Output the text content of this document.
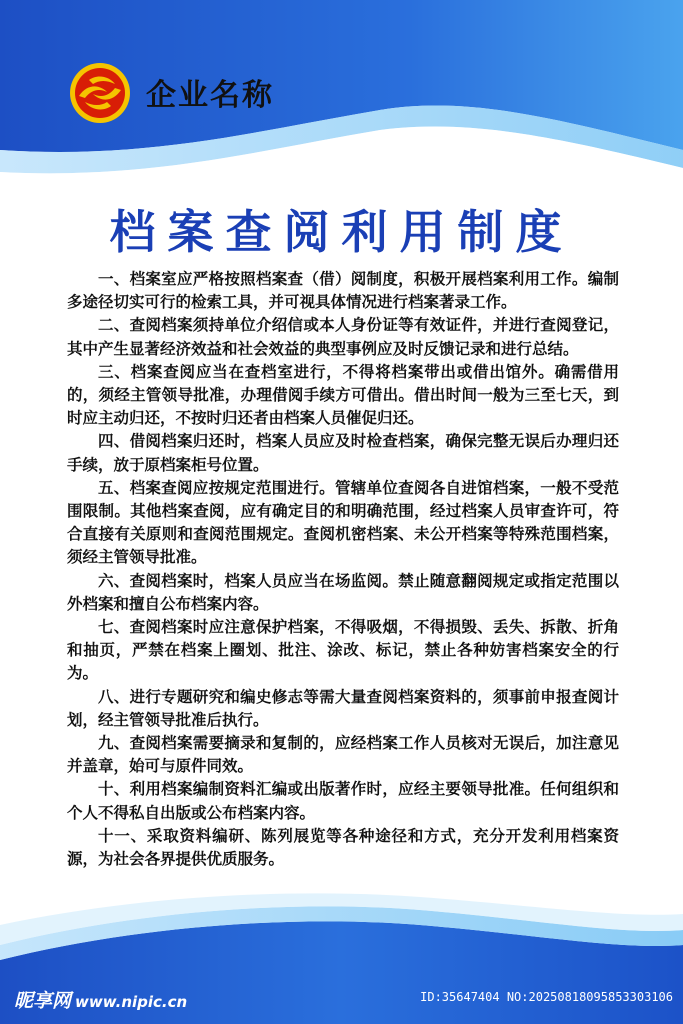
企业名称
档案查阅利用制度

一、档案室应严格按照档案查（借）阅制度，积极开展档案利用工作。编制多途径切实可行的检索工具，并可视具体情况进行档案著录工作。

二、查阅档案须持单位介绍信或本人身份证等有效证件，并进行查阅登记，其中产生显著经济效益和社会效益的典型事例应及时反馈记录和进行总结。

三、档案查阅应当在查档室进行，不得将档案带出或借出馆外。确需借用的，须经主管领导批准，办理借阅手续方可借出。借出时间一般为三至七天，到时应主动归还，不按时归还者由档案人员催促归还。

四、借阅档案归还时，档案人员应及时检查档案，确保完整无误后办理归还手续，放于原档案柜号位置。

五、档案查阅应按规定范围进行。管辖单位查阅各自进馆档案，一般不受范围限制。其他档案查阅，应有确定目的和明确范围，经过档案人员审查许可，符合直接有关原则和查阅范围规定。查阅机密档案、未公开档案等特殊范围档案，须经主管领导批准。

六、查阅档案时，档案人员应当在场监阅。禁止随意翻阅规定或指定范围以外档案和擅自公布档案内容。

七、查阅档案时应注意保护档案，不得吸烟，不得损毁、丢失、拆散、折角和抽页，严禁在档案上圈划、批注、涂改、标记，禁止各种妨害档案安全的行为。

八、进行专题研究和编史修志等需大量查阅档案资料的，须事前申报查阅计划，经主管领导批准后执行。

九、查阅档案需要摘录和复制的，应经档案工作人员核对无误后，加注意见并盖章，始可与原件同效。

十、利用档案编制资料汇编或出版著作时，应经主要领导批准。任何组织和个人不得私自出版或公布档案内容。

十一、采取资料编研、陈列展览等各种途径和方式，充分开发利用档案资源，为社会各界提供优质服务。

昵享网 www.nipic.cn	ID:35647404 NO:20250818095853303106
